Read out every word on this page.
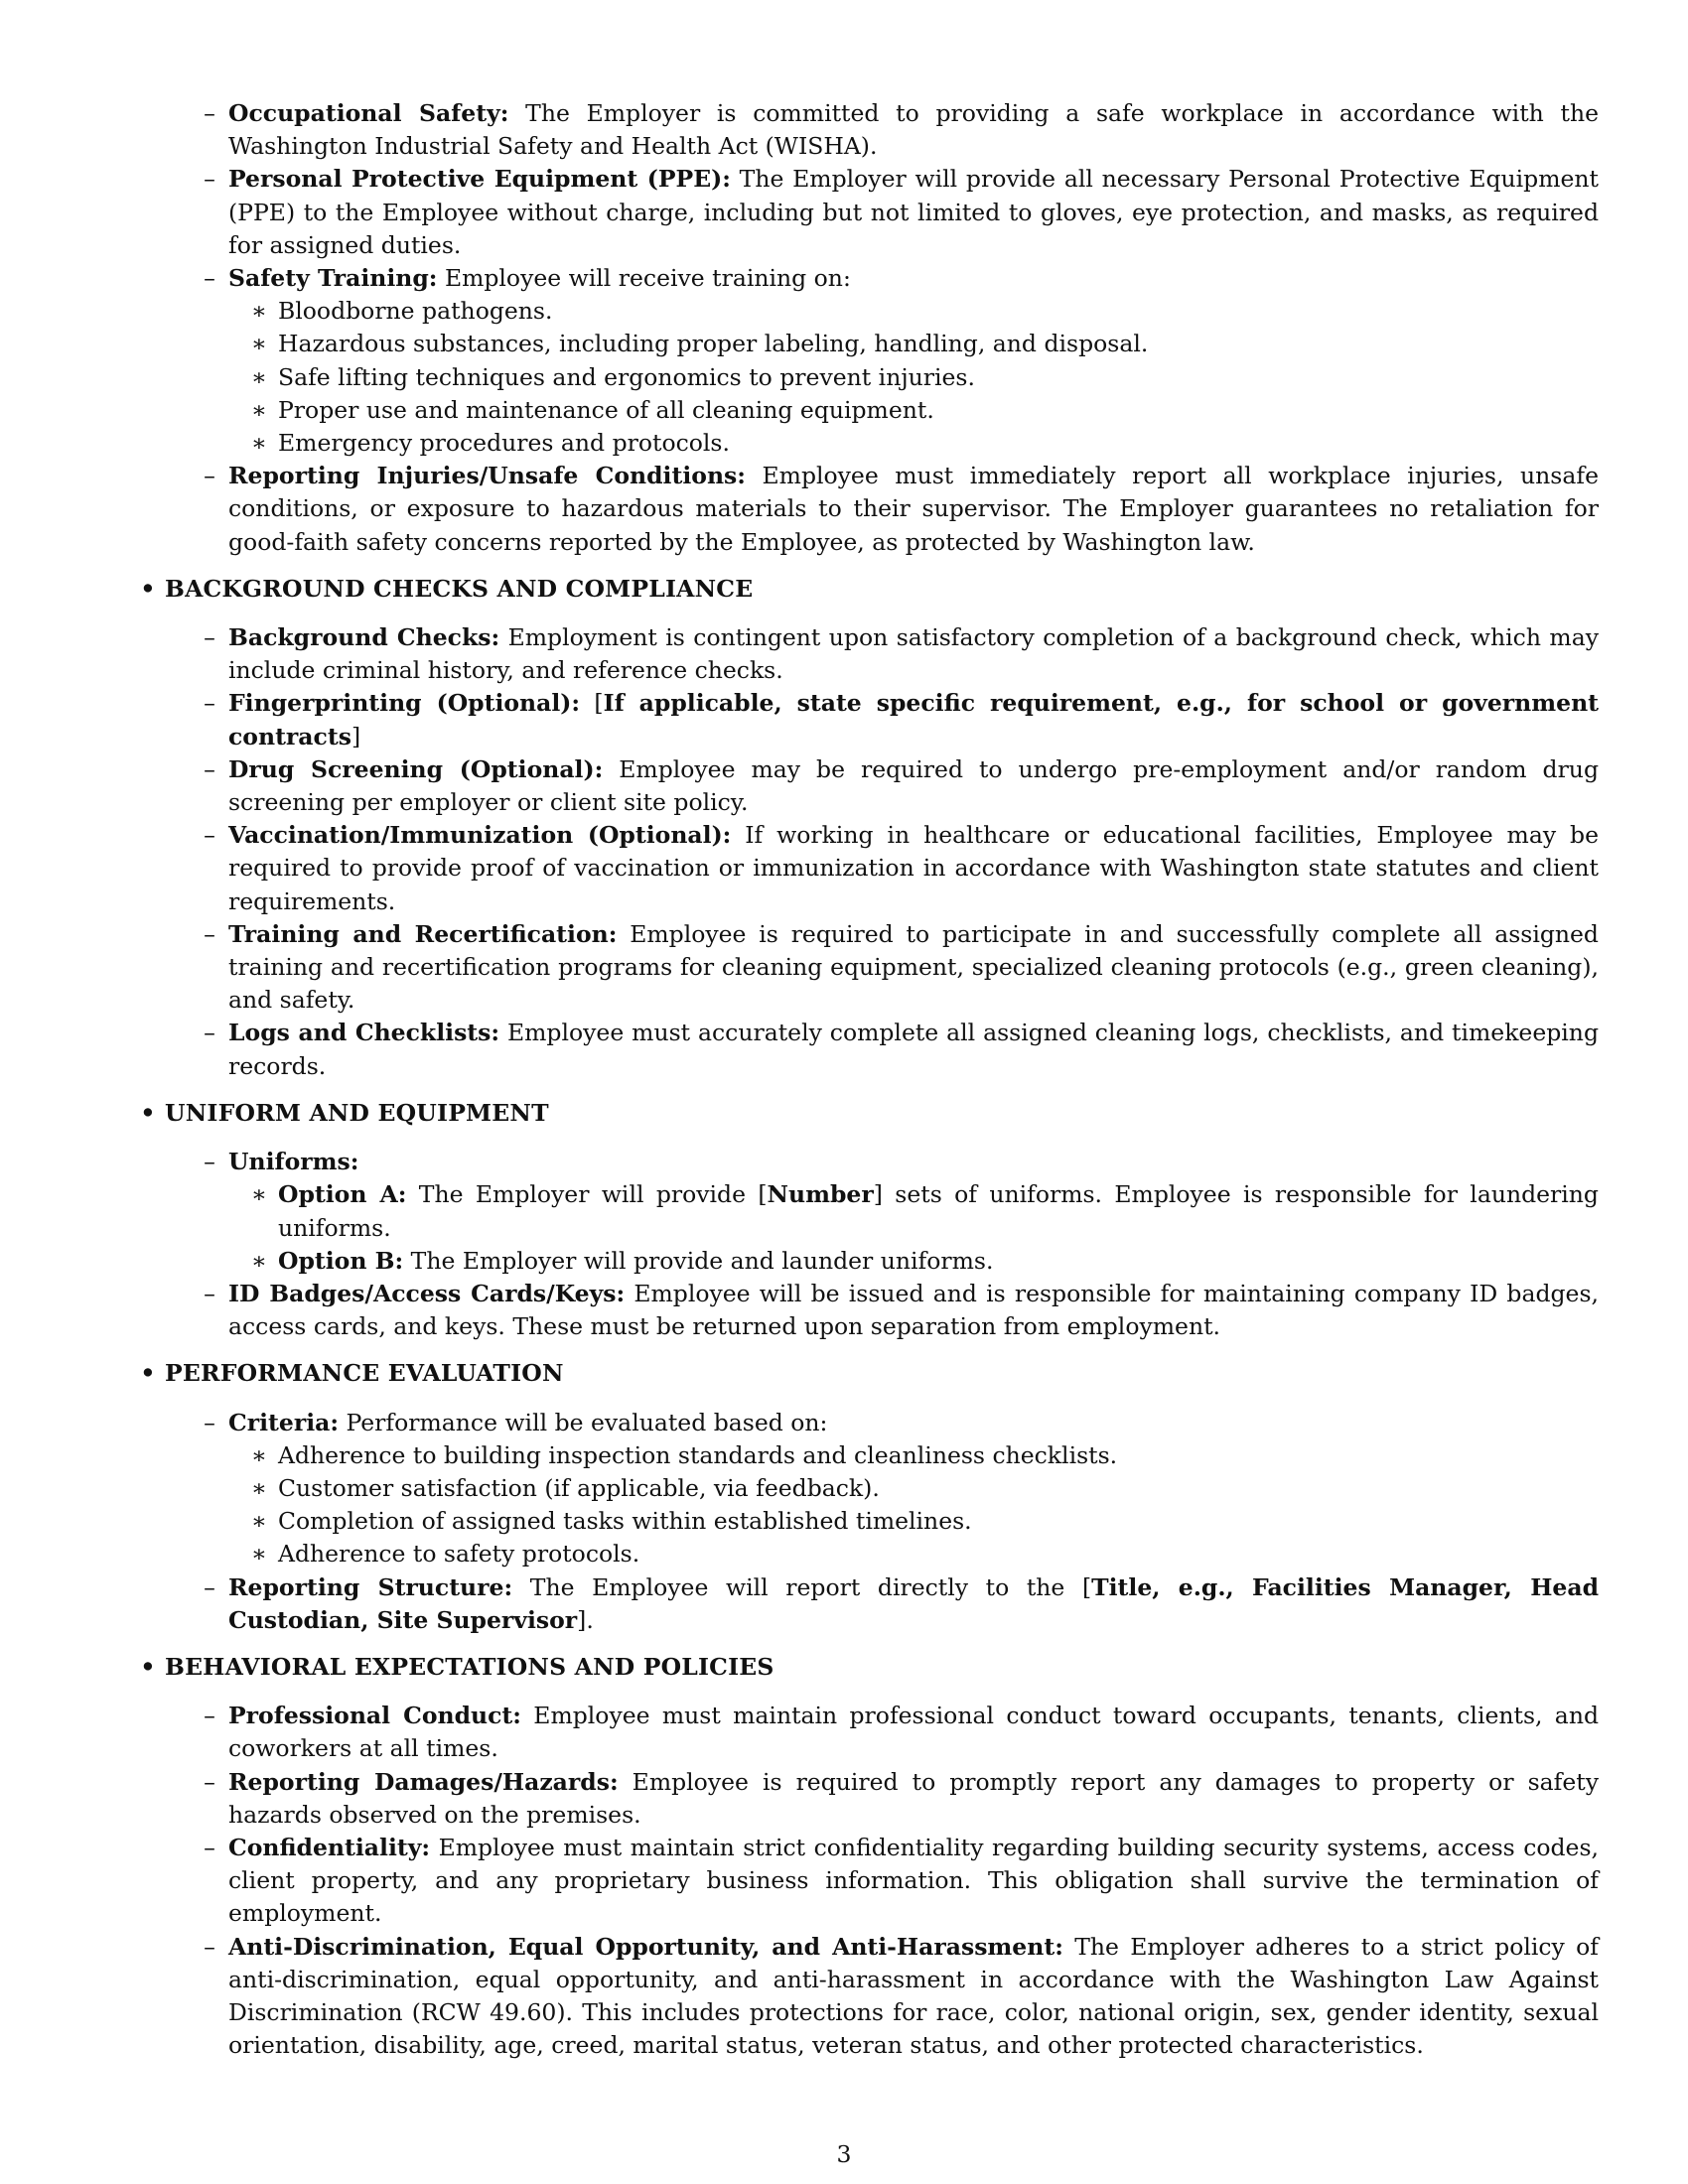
– Occupational Safety: The Employer is committed to providing a safe workplace in accordance with the Washington Industrial Safety and Health Act (WISHA).
– Personal Protective Equipment (PPE): The Employer will provide all necessary Personal Protective Equipment (PPE) to the Employee without charge, including but not limited to gloves, eye protection, and masks, as required for assigned duties.
– Safety Training: Employee will receive training on:
∗ Bloodborne pathogens.
∗ Hazardous substances, including proper labeling, handling, and disposal.
∗ Safe lifting techniques and ergonomics to prevent injuries.
∗ Proper use and maintenance of all cleaning equipment.
∗ Emergency procedures and protocols.
– Reporting Injuries/Unsafe Conditions: Employee must immediately report all workplace injuries, unsafe conditions, or exposure to hazardous materials to their supervisor. The Employer guarantees no retaliation for good-faith safety concerns reported by the Employee, as protected by Washington law.
• BACKGROUND CHECKS AND COMPLIANCE
– Background Checks: Employment is contingent upon satisfactory completion of a background check, which may include criminal history, and reference checks.
– Fingerprinting (Optional): [If applicable, state specific requirement, e.g., for school or government contracts]
– Drug Screening (Optional): Employee may be required to undergo pre-employment and/or random drug screening per employer or client site policy.
– Vaccination/Immunization (Optional): If working in healthcare or educational facilities, Employee may be required to provide proof of vaccination or immunization in accordance with Washington state statutes and client requirements.
– Training and Recertification: Employee is required to participate in and successfully complete all assigned training and recertification programs for cleaning equipment, specialized cleaning protocols (e.g., green cleaning), and safety.
– Logs and Checklists: Employee must accurately complete all assigned cleaning logs, checklists, and timekeeping records.
• UNIFORM AND EQUIPMENT
– Uniforms:
∗ Option A: The Employer will provide [Number] sets of uniforms. Employee is responsible for laundering uniforms.
∗ Option B: The Employer will provide and launder uniforms.
– ID Badges/Access Cards/Keys: Employee will be issued and is responsible for maintaining company ID badges, access cards, and keys. These must be returned upon separation from employment.
• PERFORMANCE EVALUATION
– Criteria: Performance will be evaluated based on:
∗ Adherence to building inspection standards and cleanliness checklists.
∗ Customer satisfaction (if applicable, via feedback).
∗ Completion of assigned tasks within established timelines.
∗ Adherence to safety protocols.
– Reporting Structure: The Employee will report directly to the [Title, e.g., Facilities Manager, Head Custodian, Site Supervisor].
• BEHAVIORAL EXPECTATIONS AND POLICIES
– Professional Conduct: Employee must maintain professional conduct toward occupants, tenants, clients, and coworkers at all times.
– Reporting Damages/Hazards: Employee is required to promptly report any damages to property or safety hazards observed on the premises.
– Confidentiality: Employee must maintain strict confidentiality regarding building security systems, access codes, client property, and any proprietary business information. This obligation shall survive the termination of employment.
– Anti-Discrimination, Equal Opportunity, and Anti-Harassment: The Employer adheres to a strict policy of anti-discrimination, equal opportunity, and anti-harassment in accordance with the Washington Law Against Discrimination (RCW 49.60). This includes protections for race, color, national origin, sex, gender identity, sexual orientation, disability, age, creed, marital status, veteran status, and other protected characteristics.
3
